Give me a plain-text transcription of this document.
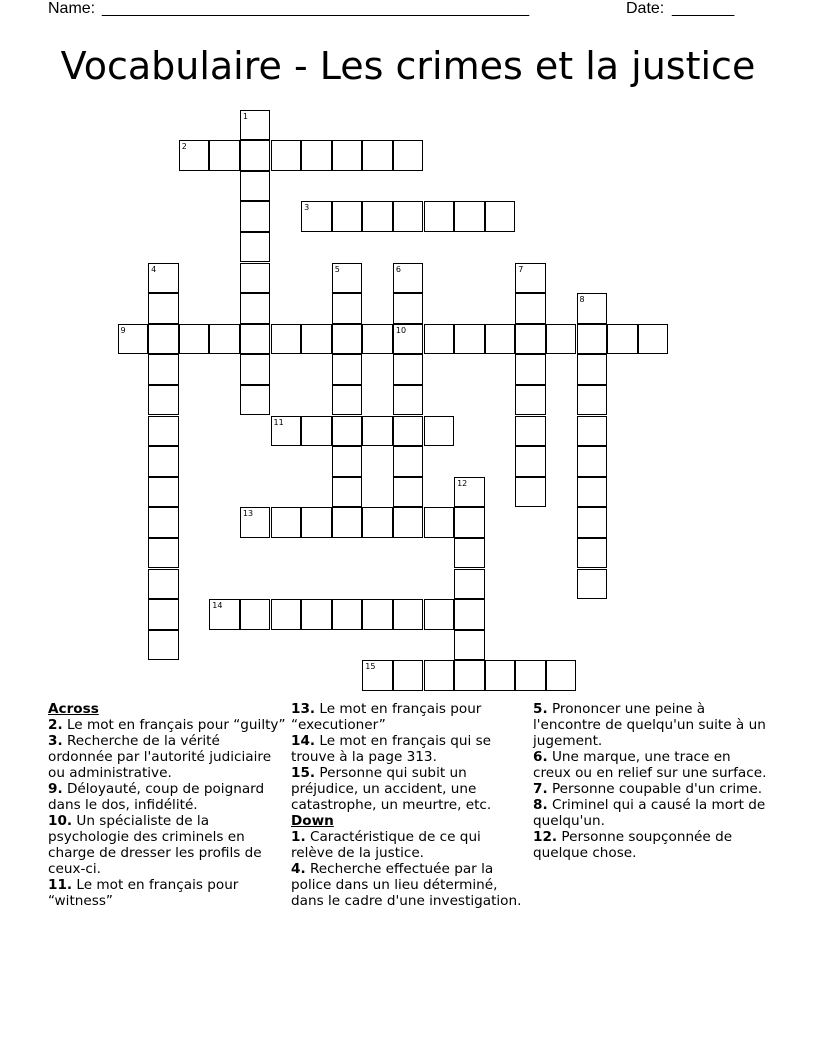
Name: ________________________________________________	Date: _______
Vocabulaire - Les crimes et la justice
1
2
3
4	5	6
10
7
8
9
11
12
13
14
15
Across
2. Le mot en français pour “guilty”
3. Recherche de la vérité ordonnée par l'autorité judiciaire ou administrative.
9. Déloyauté, coup de poignard dans le dos, infidélité.
10. Un spécialiste de la psychologie des criminels en charge de dresser les profils de ceux-ci.
11. Le mot en français pour “witness”
13. Le mot en français pour “executioner”
14. Le mot en français qui se trouve à la page 313.
15. Personne qui subit un préjudice, un accident, une catastrophe, un meurtre, etc.
Down
1. Caractéristique de ce qui relève de la justice.
4. Recherche effectuée par la police dans un lieu déterminé, dans le cadre d'une investigation.
5. Prononcer une peine à l'encontre de quelqu'un suite à un jugement.
6. Une marque, une trace en creux ou en relief sur une surface.
7. Personne coupable d'un crime.
8. Criminel qui a causé la mort de quelqu'un.
12. Personne soupçonnée de quelque chose.
